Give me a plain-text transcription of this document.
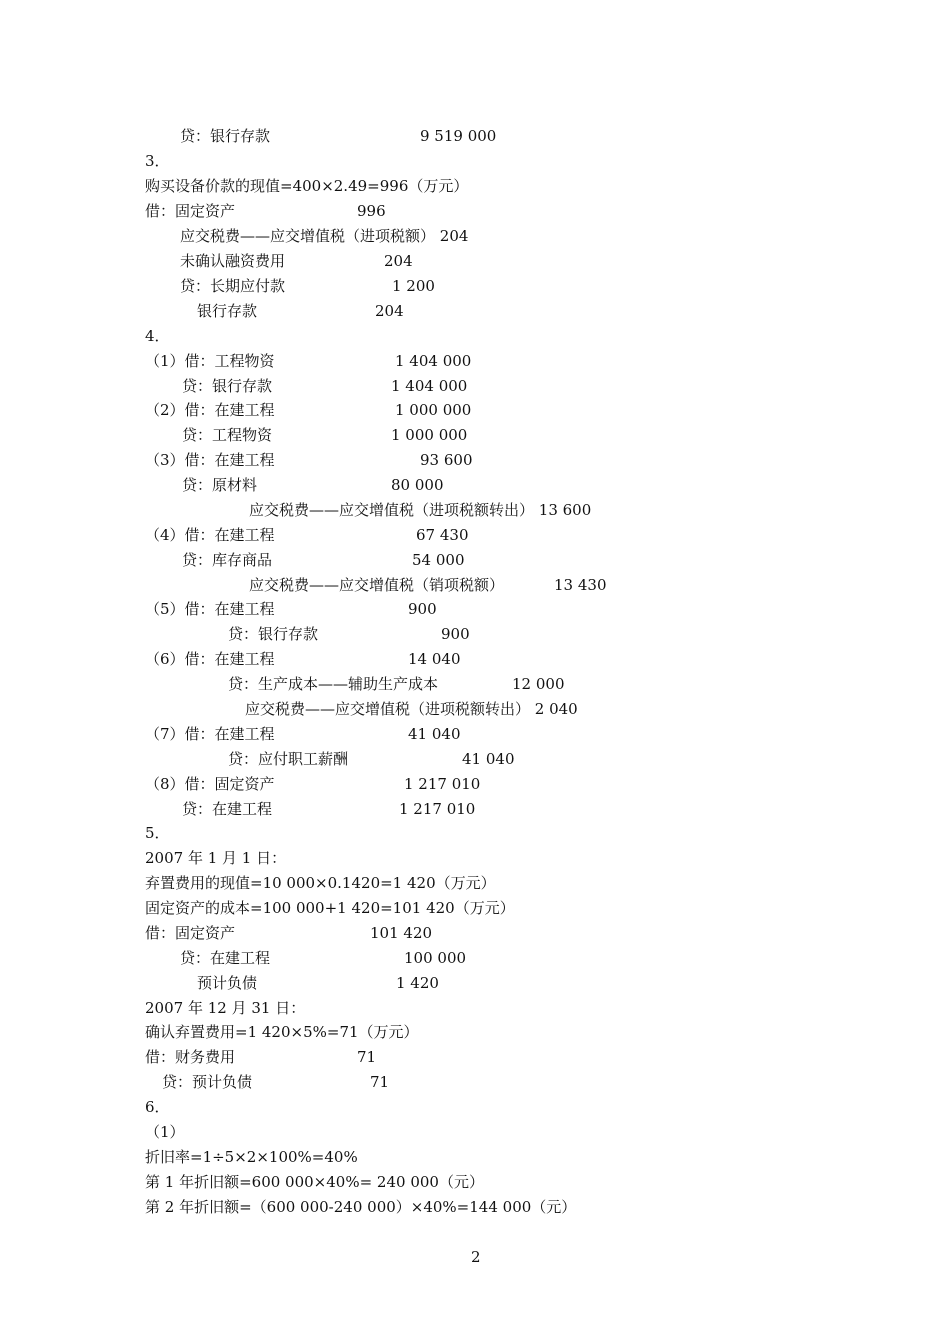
贷：银行存款	9 519 000
3．
购买设备价款的现值=400×2.49=996（万元）
借：固定资产	996
应交税费——应交增值税（进项税额） 204
未确认融资费用	204
贷：长期应付款	1 200
银行存款	204
4．
（1）借：工程物资	1 404 000
贷：银行存款	1 404 000
（2）借：在建工程	1 000 000
贷：工程物资	1 000 000
（3）借：在建工程	93 600
贷：原材料	80 000
应交税费——应交增值税（进项税额转出） 13 600
（4）借：在建工程	67 430
贷：库存商品	54 000
应交税费——应交增值税（销项税额）	13 430
（5）借：在建工程	900
贷：银行存款	900
（6）借：在建工程	14 040
贷：生产成本——辅助生产成本	12 000
应交税费——应交增值税（进项税额转出） 2 040
（7）借：在建工程	41 040
贷：应付职工薪酬	41 040
（8）借：固定资产	1 217 010
贷：在建工程	1 217 010
5．
2007 年 1 月 1 日：
弃置费用的现值=10 000×0.1420=1 420（万元）
固定资产的成本=100 000+1 420=101 420（万元）
借：固定资产	101 420
贷：在建工程	100 000
预计负债	1 420
2007 年 12 月 31 日：
确认弃置费用=1 420×5%=71（万元）
借：财务费用	71
贷：预计负债	71
6．
（1）
折旧率=1÷5×2×100%=40%
第 1 年折旧额=600 000×40%= 240 000（元）
第 2 年折旧额=（600 000-240 000）×40%=144 000（元）
2
